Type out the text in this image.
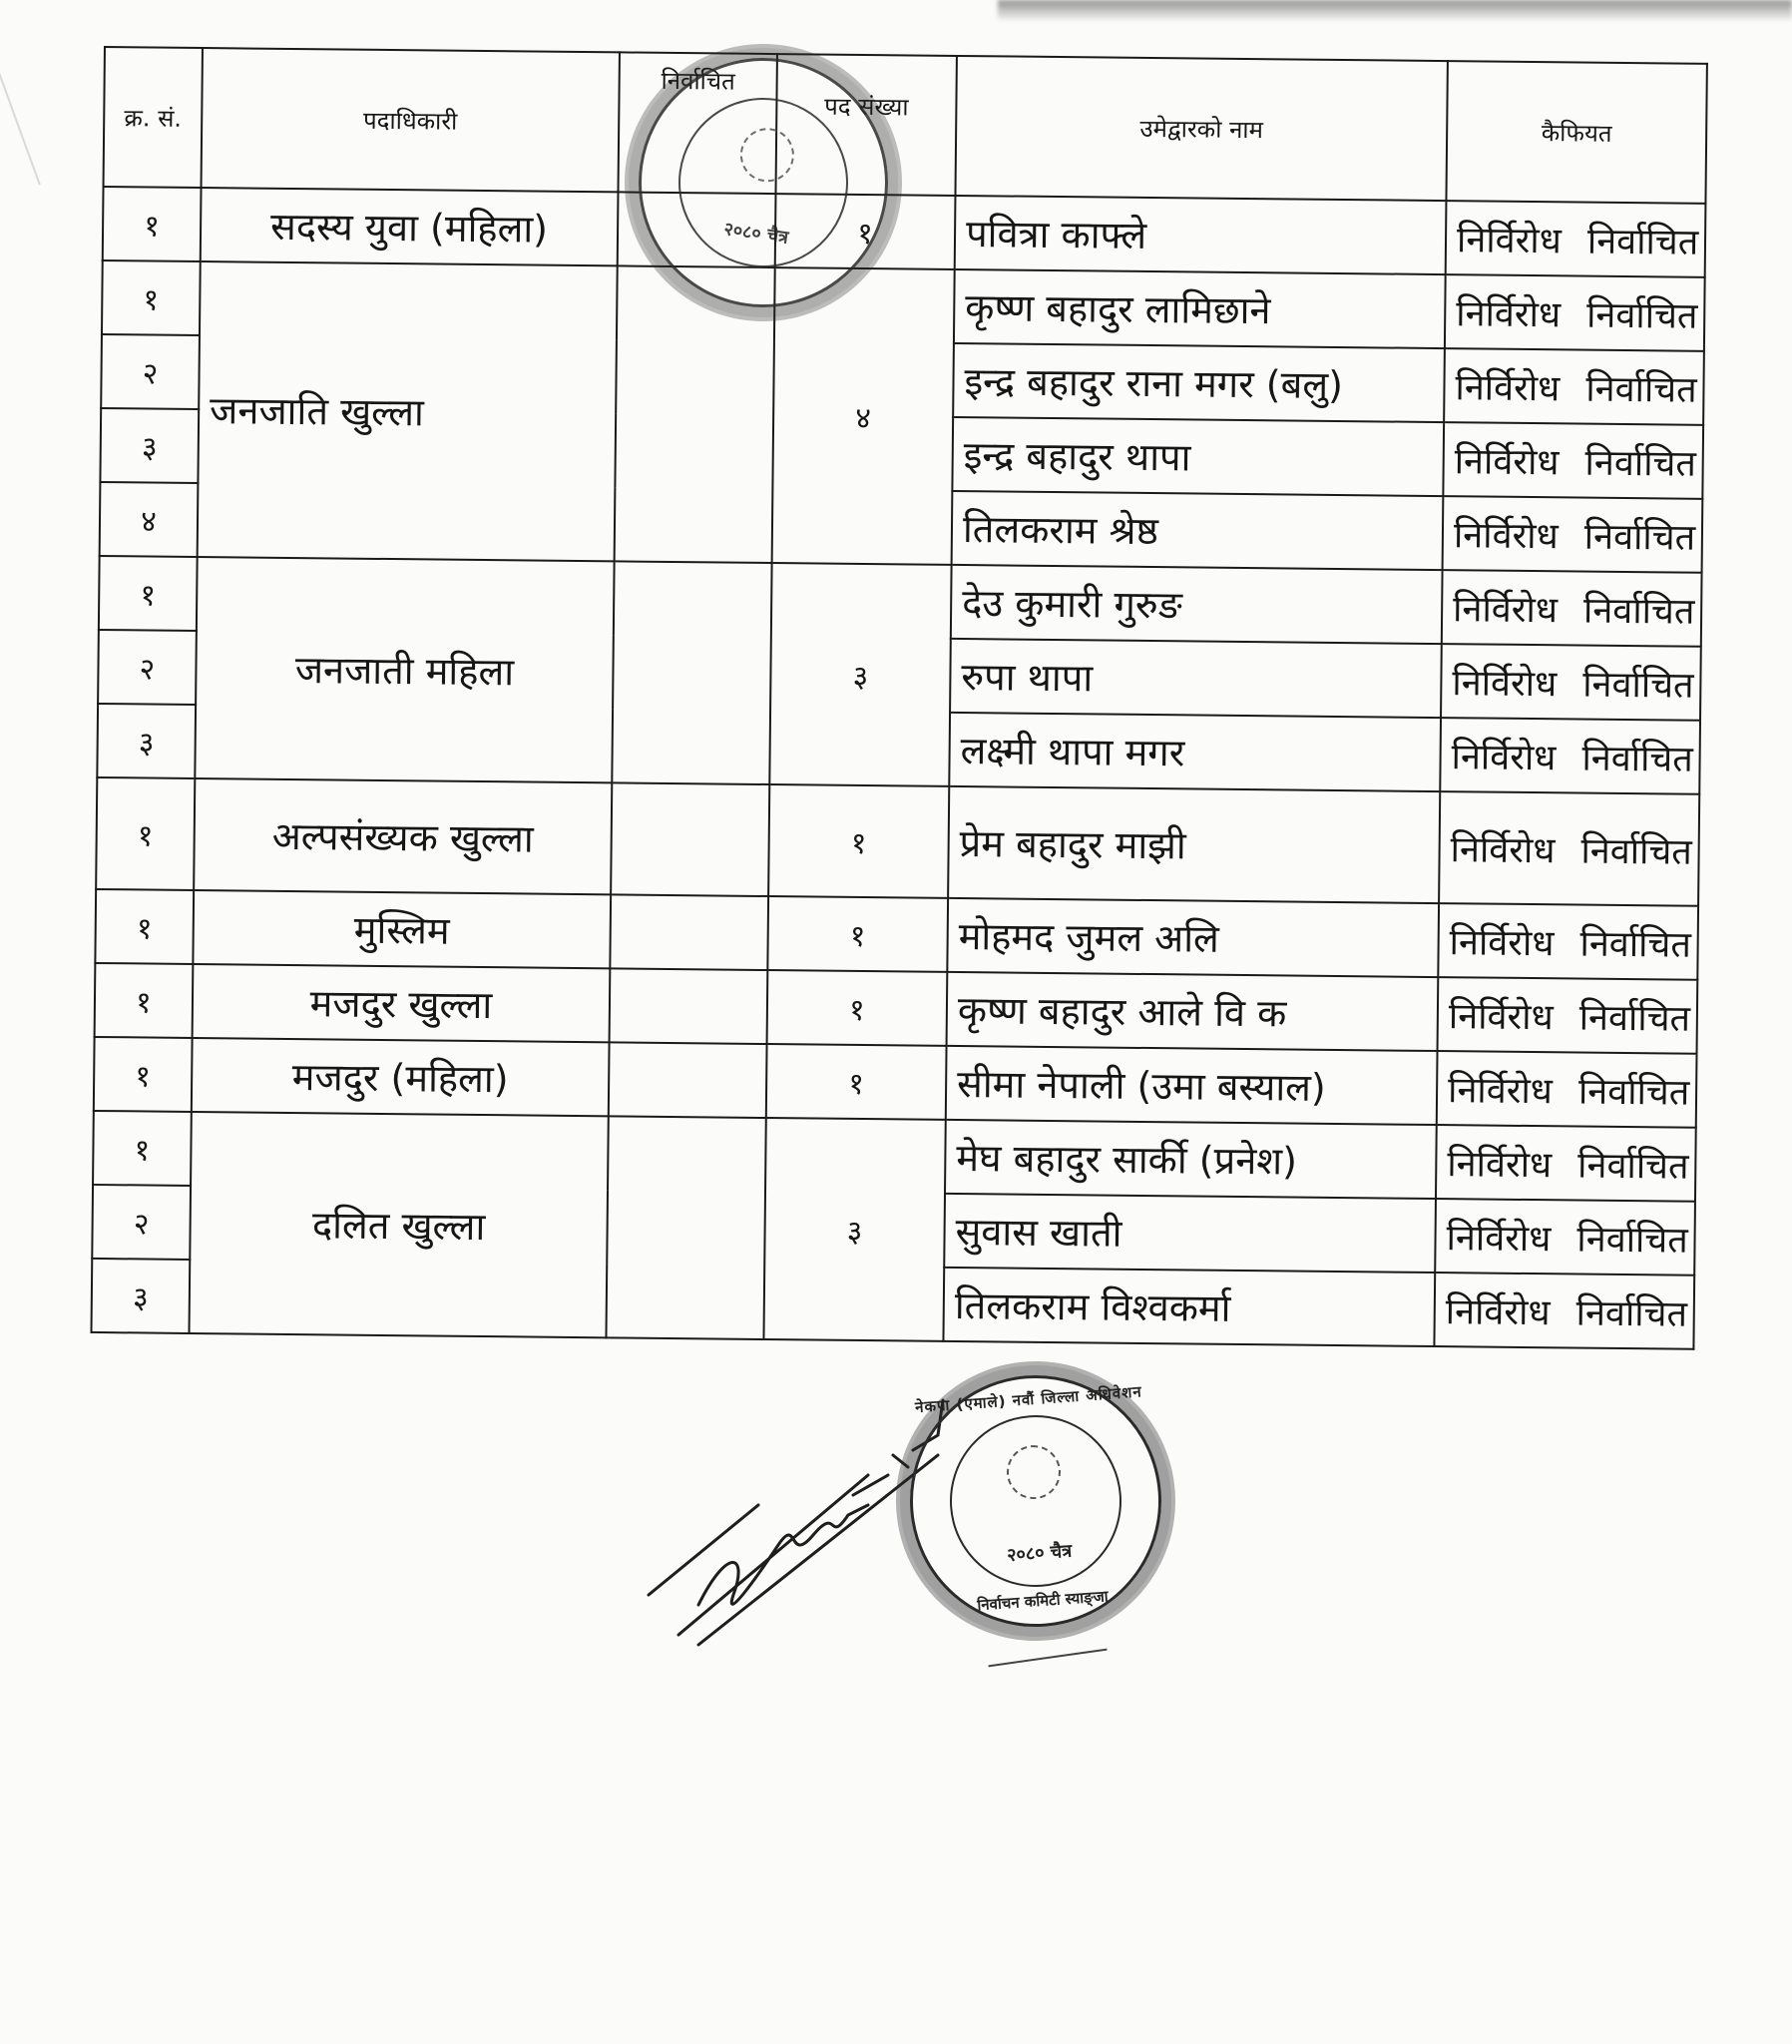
क्र. सं.	पदाधिकारी	निर्वाचित	पद संख्या	उमेद्वारको नाम	कैफियत
१	सदस्य युवा (महिला)		१	पवित्रा काफ्ले	निर्विरोध निर्वाचित
१	जनजाति खुल्ला		४	कृष्ण बहादुर लामिछाने	निर्विरोध निर्वाचित
२				इन्द्र बहादुर राना मगर (बलु)	निर्विरोध निर्वाचित
३				इन्द्र बहादुर थापा	निर्विरोध निर्वाचित
४				तिलकराम श्रेष्ठ	निर्विरोध निर्वाचित
१	जनजाती महिला		३	देउ कुमारी गुरुङ	निर्विरोध निर्वाचित
२				रुपा थापा	निर्विरोध निर्वाचित
३				लक्ष्मी थापा मगर	निर्विरोध निर्वाचित
१	अल्पसंख्यक खुल्ला		१	प्रेम बहादुर माझी	निर्विरोध निर्वाचित
१	मुस्लिम		१	मोहमद जुमल अलि	निर्विरोध निर्वाचित
१	मजदुर खुल्ला		१	कृष्ण बहादुर आले वि क	निर्विरोध निर्वाचित
१	मजदुर (महिला)		१	सीमा नेपाली (उमा बस्याल)	निर्विरोध निर्वाचित
१	दलित खुल्ला		३	मेघ बहादुर सार्की (प्रनेश)	निर्विरोध निर्वाचित
२				सुवास खाती	निर्विरोध निर्वाचित
३				तिलकराम विश्वकर्मा	निर्विरोध निर्वाचित
२०८० चैत्र
नेकपा (एमाले) नवौं जिल्ला अधिवेशन
२०८० चैत्र
निर्वाचन कमिटी स्याङ्जा
